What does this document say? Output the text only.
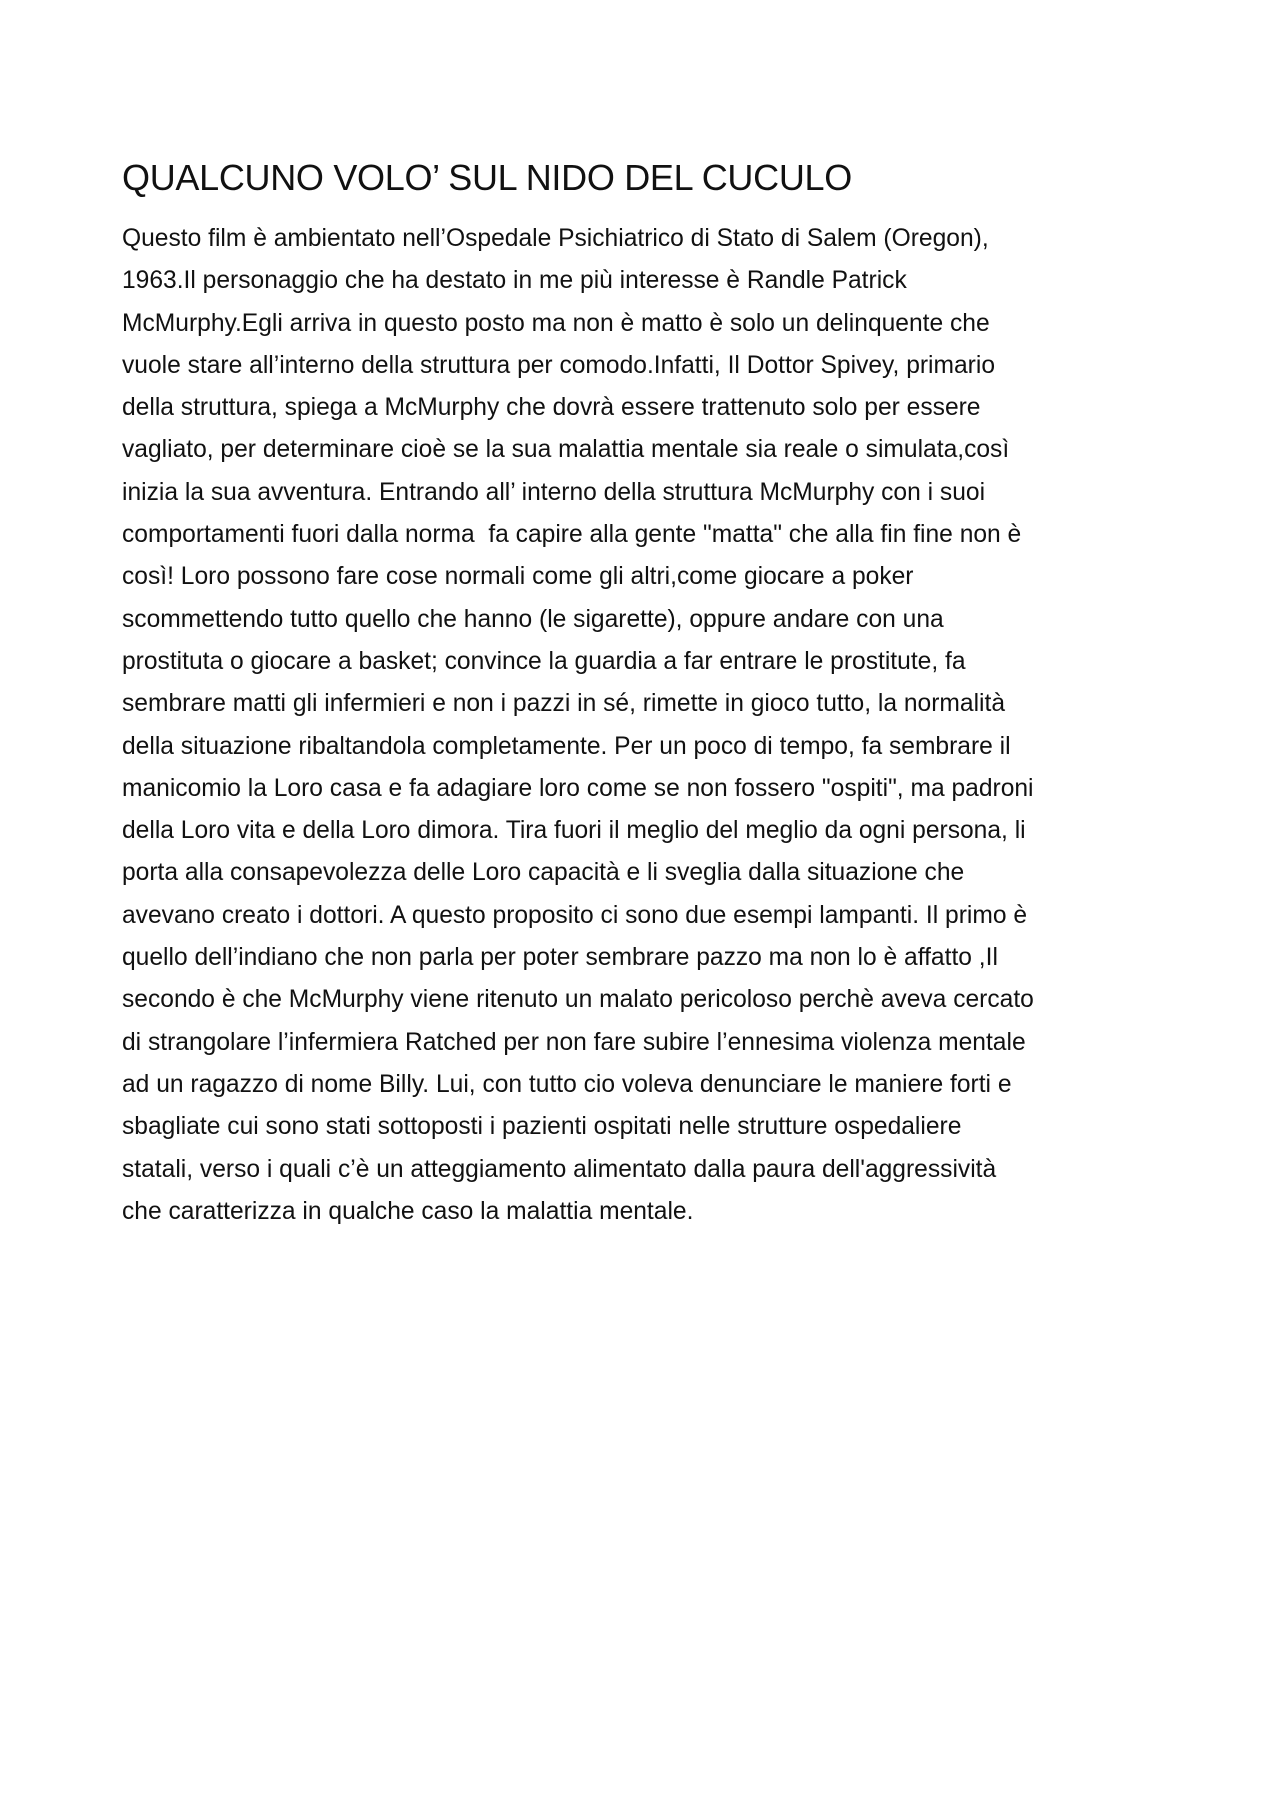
QUALCUNO VOLO’ SUL NIDO DEL CUCULO
Questo film è ambientato nell’Ospedale Psichiatrico di Stato di Salem (Oregon),
1963.Il personaggio che ha destato in me più interesse è Randle Patrick
McMurphy.Egli arriva in questo posto ma non è matto è solo un delinquente che
vuole stare all’interno della struttura per comodo.Infatti, Il Dottor Spivey, primario
della struttura, spiega a McMurphy che dovrà essere trattenuto solo per essere
vagliato, per determinare cioè se la sua malattia mentale sia reale o simulata,così
inizia la sua avventura. Entrando all’ interno della struttura McMurphy con i suoi
comportamenti fuori dalla norma  fa capire alla gente "matta" che alla fin fine non è
così! Loro possono fare cose normali come gli altri,come giocare a poker
scommettendo tutto quello che hanno (le sigarette), oppure andare con una
prostituta o giocare a basket; convince la guardia a far entrare le prostitute, fa
sembrare matti gli infermieri e non i pazzi in sé, rimette in gioco tutto, la normalità
della situazione ribaltandola completamente. Per un poco di tempo, fa sembrare il
manicomio la Loro casa e fa adagiare loro come se non fossero "ospiti", ma padroni
della Loro vita e della Loro dimora. Tira fuori il meglio del meglio da ogni persona, li
porta alla consapevolezza delle Loro capacità e li sveglia dalla situazione che
avevano creato i dottori. A questo proposito ci sono due esempi lampanti. Il primo è
quello dell’indiano che non parla per poter sembrare pazzo ma non lo è affatto ,Il
secondo è che McMurphy viene ritenuto un malato pericoloso perchè aveva cercato
di strangolare l’infermiera Ratched per non fare subire l’ennesima violenza mentale
ad un ragazzo di nome Billy. Lui, con tutto cio voleva denunciare le maniere forti e
sbagliate cui sono stati sottoposti i pazienti ospitati nelle strutture ospedaliere
statali, verso i quali c’è un atteggiamento alimentato dalla paura dell'aggressività
che caratterizza in qualche caso la malattia mentale.
